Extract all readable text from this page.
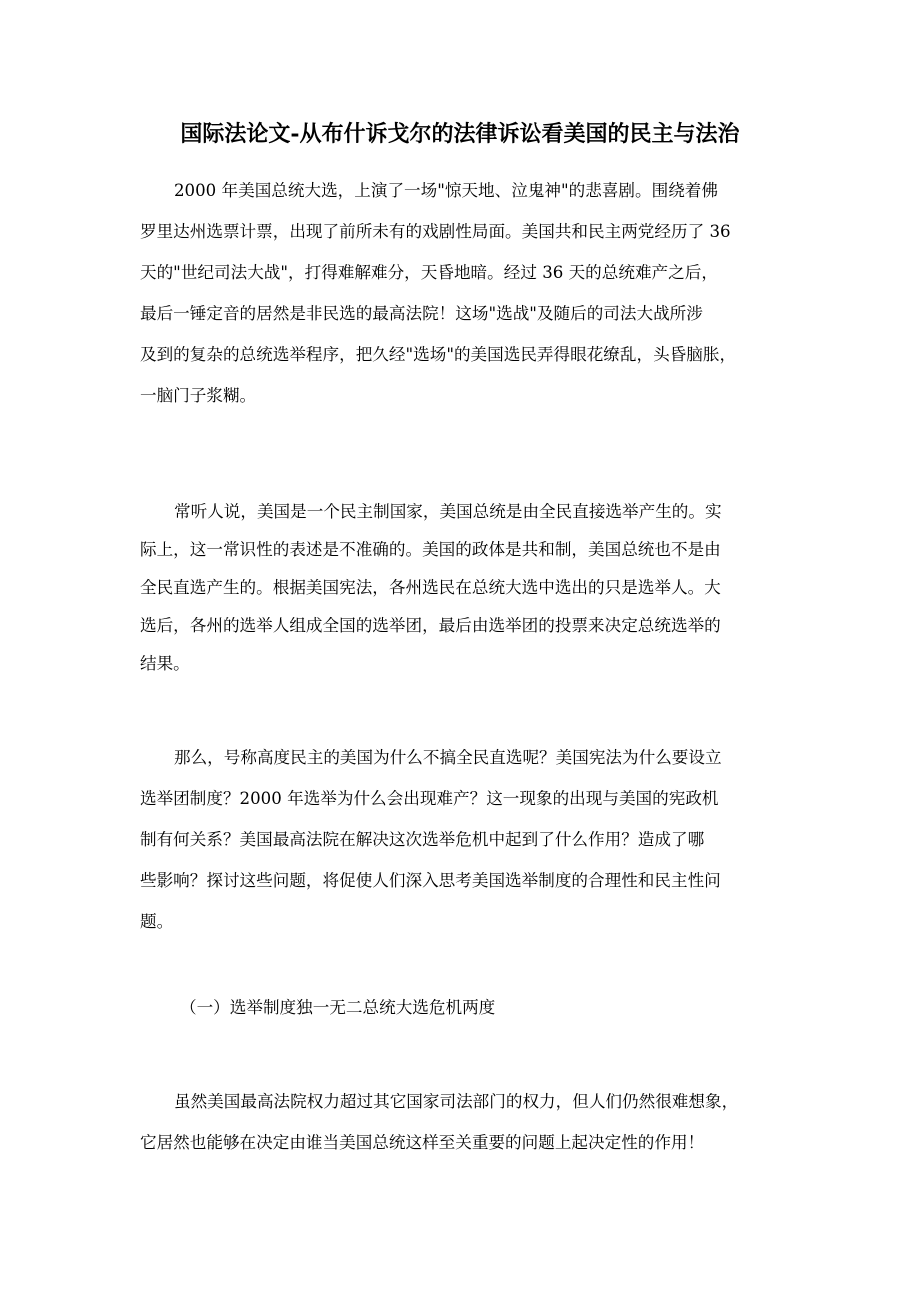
国际法论文-从布什诉戈尔的法律诉讼看美国的民主与法治
2000 年美国总统大选，上演了一场"惊天地、泣鬼神"的悲喜剧。围绕着佛
罗里达州选票计票，出现了前所未有的戏剧性局面。美国共和民主两党经历了 36
天的"世纪司法大战"，打得难解难分，天昏地暗。经过 36 天的总统难产之后，
最后一锤定音的居然是非民选的最高法院！这场"选战"及随后的司法大战所涉
及到的复杂的总统选举程序，把久经"选场"的美国选民弄得眼花缭乱，头昏脑胀，
一脑门子浆糊。
常听人说，美国是一个民主制国家，美国总统是由全民直接选举产生的。实
际上，这一常识性的表述是不准确的。美国的政体是共和制，美国总统也不是由
全民直选产生的。根据美国宪法，各州选民在总统大选中选出的只是选举人。大
选后，各州的选举人组成全国的选举团，最后由选举团的投票来决定总统选举的
结果。
那么，号称高度民主的美国为什么不搞全民直选呢？美国宪法为什么要设立
选举团制度？2000 年选举为什么会出现难产？这一现象的出现与美国的宪政机
制有何关系？美国最高法院在解决这次选举危机中起到了什么作用？造成了哪
些影响？探讨这些问题，将促使人们深入思考美国选举制度的合理性和民主性问
题。
（一）选举制度独一无二总统大选危机两度
虽然美国最高法院权力超过其它国家司法部门的权力，但人们仍然很难想象，
它居然也能够在决定由谁当美国总统这样至关重要的问题上起决定性的作用！
